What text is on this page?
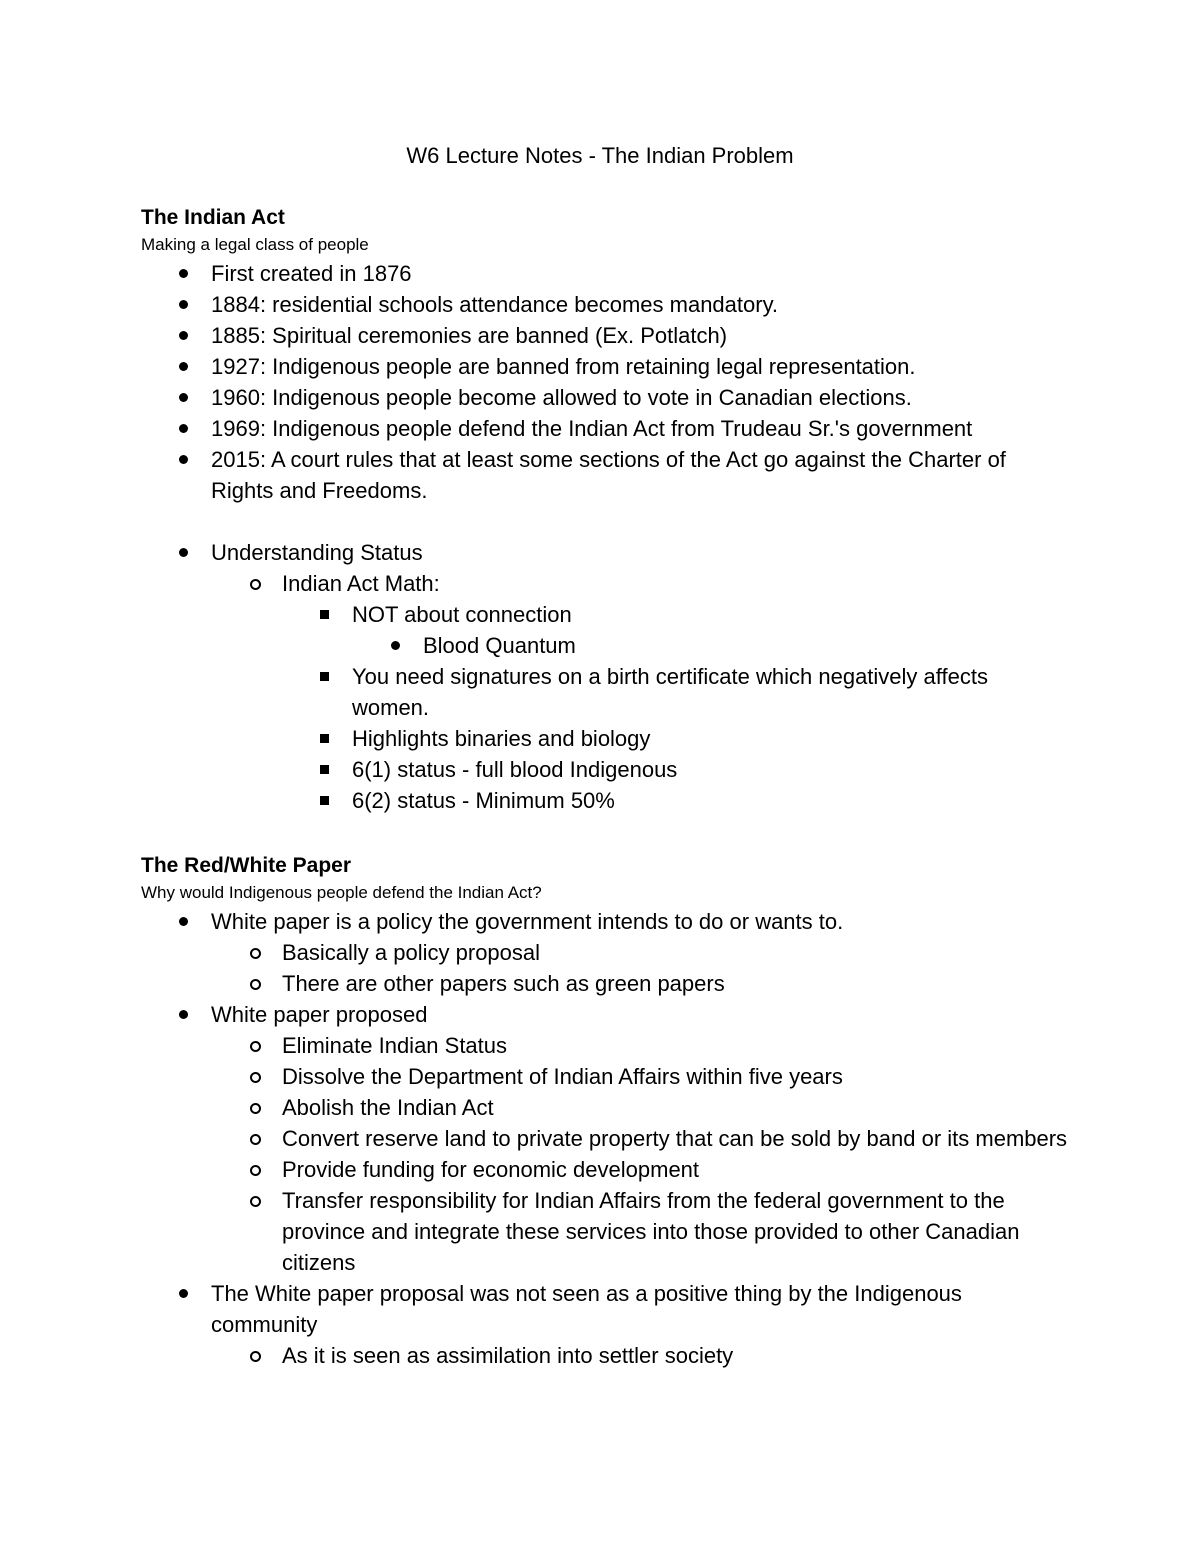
W6 Lecture Notes - The Indian Problem
The Indian Act
Making a legal class of people
First created in 1876
1884: residential schools attendance becomes mandatory.
1885: Spiritual ceremonies are banned (Ex. Potlatch)
1927: Indigenous people are banned from retaining legal representation.
1960: Indigenous people become allowed to vote in Canadian elections.
1969: Indigenous people defend the Indian Act from Trudeau Sr.'s government
2015: A court rules that at least some sections of the Act go against the Charter of Rights and Freedoms.
Understanding Status
Indian Act Math:
NOT about connection
Blood Quantum
You need signatures on a birth certificate which negatively affects women.
Highlights binaries and biology
6(1) status - full blood Indigenous
6(2) status - Minimum 50%
The Red/White Paper
Why would Indigenous people defend the Indian Act?
White paper is a policy the government intends to do or wants to.
Basically a policy proposal
There are other papers such as green papers
White paper proposed
Eliminate Indian Status
Dissolve the Department of Indian Affairs within five years
Abolish the Indian Act
Convert reserve land to private property that can be sold by band or its members
Provide funding for economic development
Transfer responsibility for Indian Affairs from the federal government to the province and integrate these services into those provided to other Canadian citizens
The White paper proposal was not seen as a positive thing by the Indigenous community
As it is seen as assimilation into settler society
